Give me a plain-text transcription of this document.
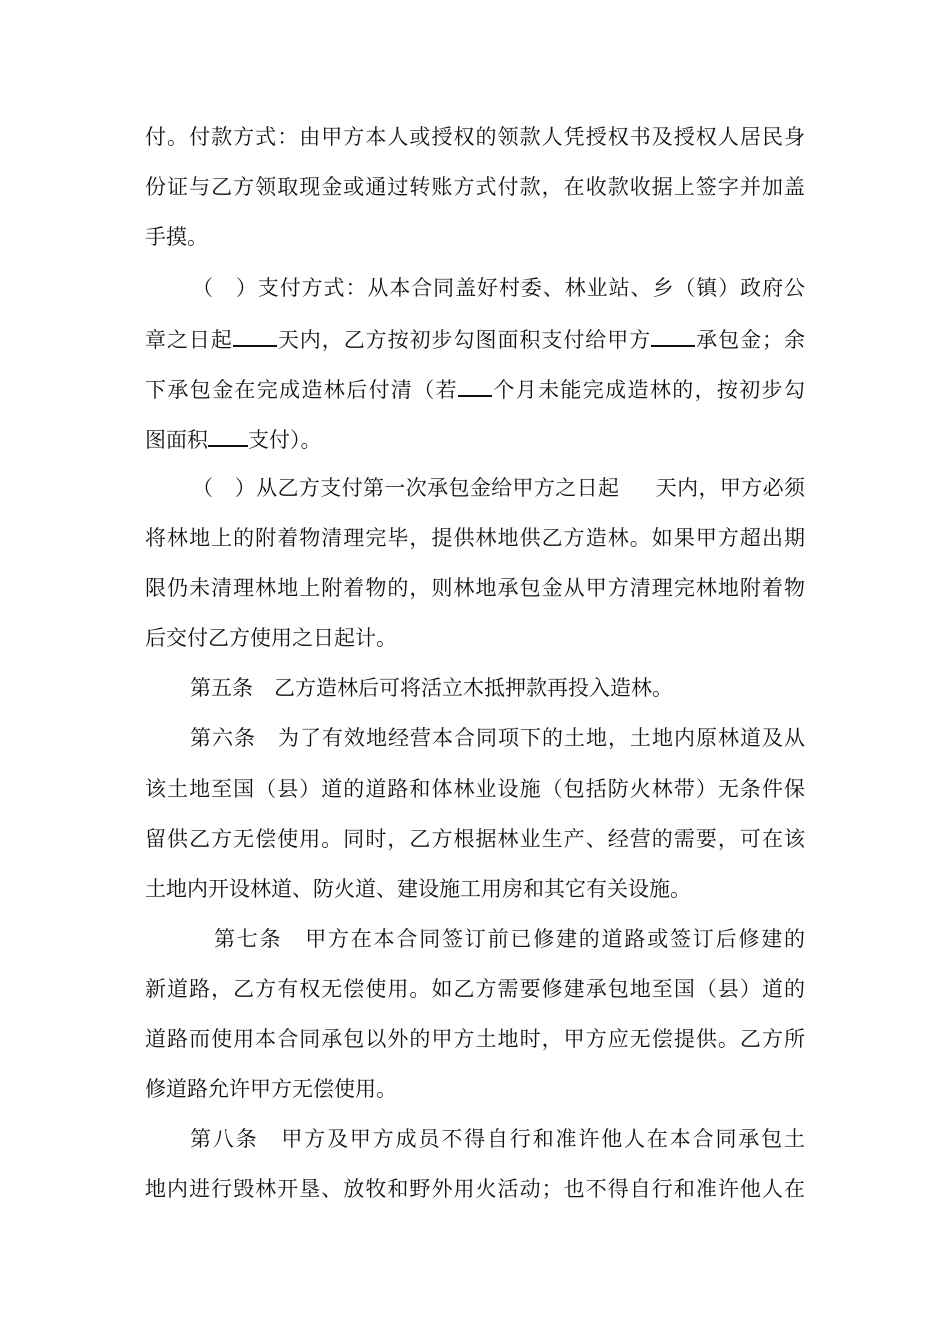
付。付款方式：由甲方本人或授权的领款人凭授权书及授权人居民身
份证与乙方领取现金或通过转账方式付款，在收款收据上签字并加盖
手摸。
（　）支付方式：从本合同盖好村委、林业站、乡（镇）政府公
章之日起 天内，乙方按初步勾图面积支付给甲方 承包金；余
下承包金在完成造林后付清（若 个月未能完成造林的，按初步勾
图面积 支付）。
（　）从乙方支付第一次承包金给甲方之日起 天内，甲方必须
将林地上的附着物清理完毕，提供林地供乙方造林。如果甲方超出期
限仍未清理林地上附着物的，则林地承包金从甲方清理完林地附着物
后交付乙方使用之日起计。
第五条　乙方造林后可将活立木抵押款再投入造林。
第六条　为了有效地经营本合同项下的土地，土地内原林道及从
该土地至国（县）道的道路和体林业设施（包括防火林带）无条件保
留供乙方无偿使用。同时，乙方根据林业生产、经营的需要，可在该
土地内开设林道、防火道、建设施工用房和其它有关设施。
第七条　甲方在本合同签订前已修建的道路或签订后修建的
新道路，乙方有权无偿使用。如乙方需要修建承包地至国（县）道的
道路而使用本合同承包以外的甲方土地时，甲方应无偿提供。乙方所
修道路允许甲方无偿使用。
第八条　甲方及甲方成员不得自行和准许他人在本合同承包土
地内进行毁林开垦、放牧和野外用火活动；也不得自行和准许他人在
